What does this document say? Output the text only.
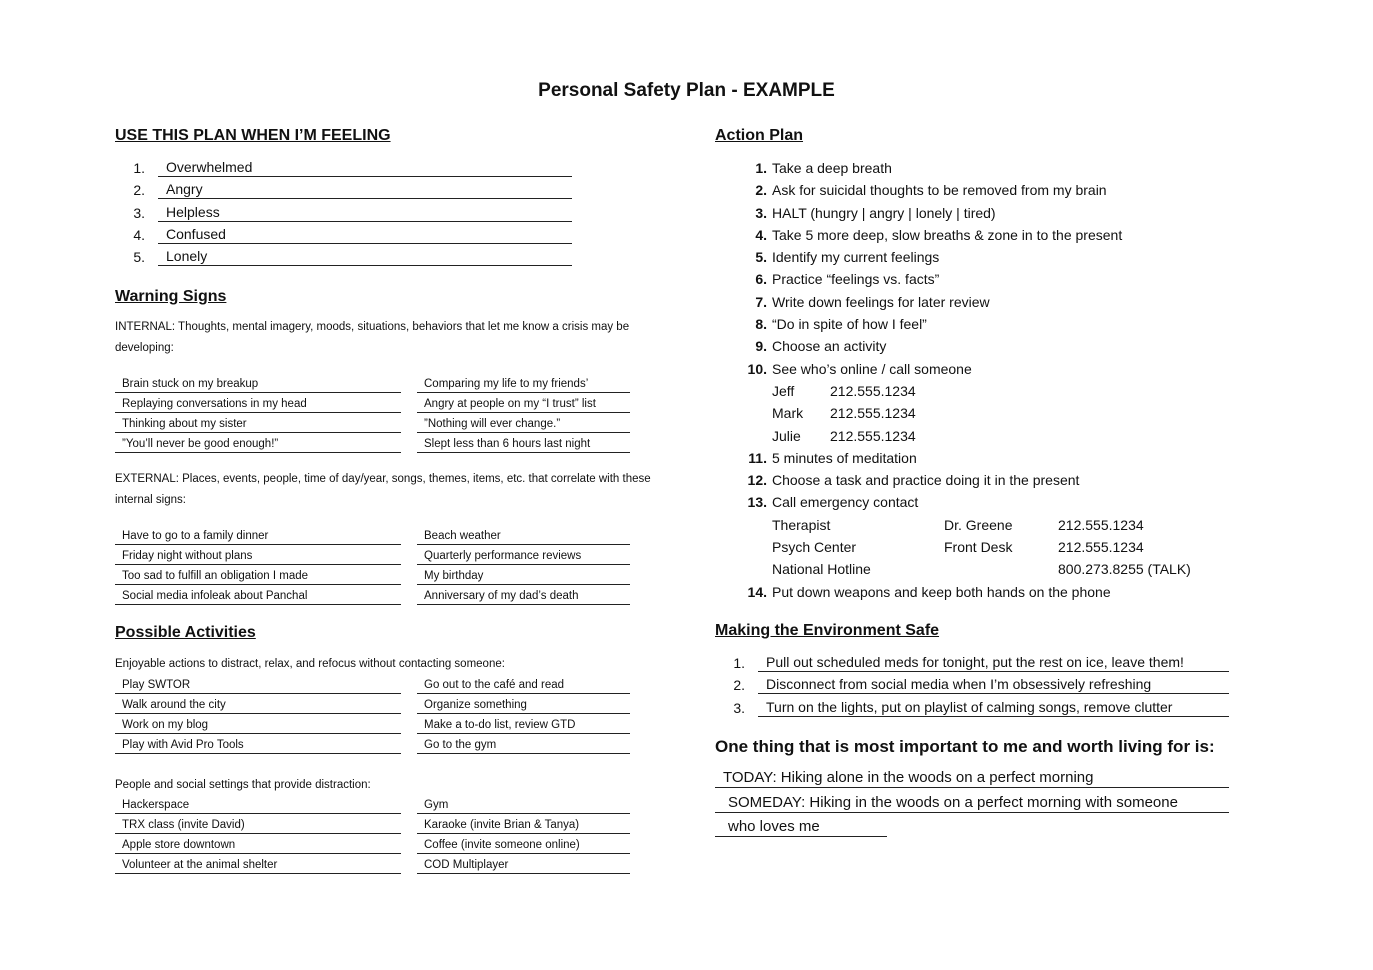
Personal Safety Plan - EXAMPLE
USE THIS PLAN WHEN I’M FEELING
1.	Overwhelmed
2.	Angry
3.	Helpless
4.	Confused
5.	Lonely
Warning Signs
INTERNAL: Thoughts, mental imagery, moods, situations, behaviors that let me know a crisis may be developing:
Brain stuck on my breakup	Comparing my life to my friends’
Replaying conversations in my head	Angry at people on my “I trust” list
Thinking about my sister	”Nothing will ever change.”
”You’ll never be good enough!”	Slept less than 6 hours last night
EXTERNAL: Places, events, people, time of day/year, songs, themes, items, etc. that correlate with these internal signs:
Have to go to a family dinner	Beach weather
Friday night without plans	Quarterly performance reviews
Too sad to fulfill an obligation I made	My birthday
Social media infoleak about Panchal	Anniversary of my dad’s death
Possible Activities
Enjoyable actions to distract, relax, and refocus without contacting someone:
Play SWTOR	Go out to the café and read
Walk around the city	Organize something
Work on my blog	Make a to-do list, review GTD
Play with Avid Pro Tools	Go to the gym
People and social settings that provide distraction:
Hackerspace	Gym
TRX class (invite David)	Karaoke (invite Brian & Tanya)
Apple store downtown	Coffee (invite someone online)
Volunteer at the animal shelter	COD Multiplayer
Action Plan
1. Take a deep breath
2. Ask for suicidal thoughts to be removed from my brain
3. HALT (hungry | angry | lonely | tired)
4. Take 5 more deep, slow breaths & zone in to the present
5. Identify my current feelings
6. Practice “feelings vs. facts”
7. Write down feelings for later review
8. “Do in spite of how I feel”
9. Choose an activity
10. See who’s online / call someone
Jeff	212.555.1234
Mark 212.555.1234
Julie 212.555.1234
11. 5 minutes of meditation
12. Choose a task and practice doing it in the present
13. Call emergency contact
Therapist	Dr. Greene	212.555.1234
Psych Center	Front Desk	212.555.1234
National Hotline	800.273.8255 (TALK)
14. Put down weapons and keep both hands on the phone
Making the Environment Safe
1.	Pull out scheduled meds for tonight, put the rest on ice, leave them!
2.	Disconnect from social media when I’m obsessively refreshing
3.	Turn on the lights, put on playlist of calming songs, remove clutter
One thing that is most important to me and worth living for is:
TODAY: Hiking alone in the woods on a perfect morning
SOMEDAY: Hiking in the woods on a perfect morning with someone
who loves me
